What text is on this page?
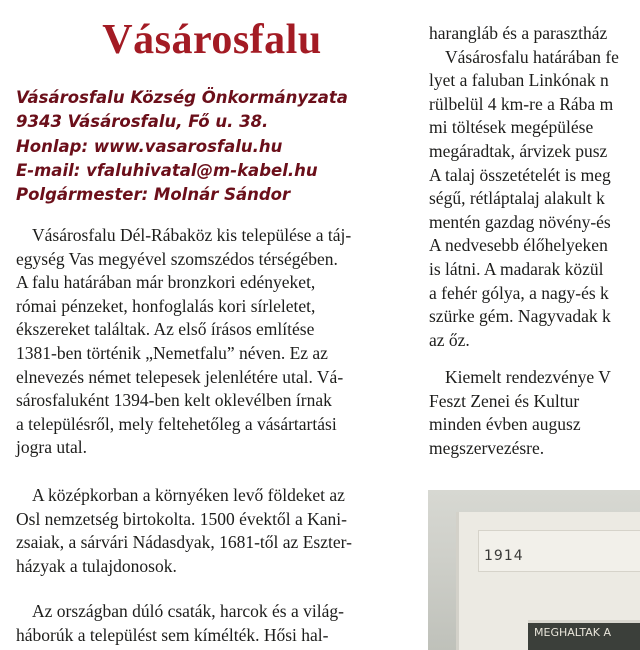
Vásárosfalu

Vásárosfalu Község Önkormányzata

9343 Vásárosfalu, Fő u. 38.

Honlap: www.vasarosfalu.hu

E-mail: vfaluhivatal@m-kabel.hu

Polgármester: Molnár Sándor

Vásárosfalu Dél-Rábaköz kis települése a táj-
egység Vas megyével szomszédos térségében.
A falu határában már bronzkori edényeket,
római pénzeket, honfoglalás kori sírleletet,
ékszereket találtak. Az első írásos említése
1381-ben történik „Nemetfalu” néven. Ez az
elnevezés német telepesek jelenlétére utal. Vá-
sárosfaluként 1394-ben kelt oklevélben írnak
a településről, mely feltehetőleg a vásártartási
jogra utal.
A középkorban a környéken levő földeket az
Osl nemzetség birtokolta. 1500 évektől a Kani-
zsaiak, a sárvári Nádasdyak, 1681-től az Eszter-
házyak a tulajdonosok.
Az országban dúló csaták, harcok és a világ-
háborúk a települést sem kímélték. Hősi hal-
harangláb és a parasztház
Vásárosfalu határában fe
lyet a faluban Linkónak n
rülbelül 4 km-re a Rába m
mi töltések megépülése
megáradtak, árvizek pusz
A talaj összetételét is meg
ségű, rétláptalaj alakult k
mentén gazdag növény-és
A nedvesebb élőhelyeken
is látni. A madarak közül
a fehér gólya, a nagy-és k
szürke gém. Nagyvadak k
az őz.
Kiemelt rendezvénye V
Feszt Zenei és Kultur
minden évben augusz
megszervezésre.
1914
MEGHALTAK A
